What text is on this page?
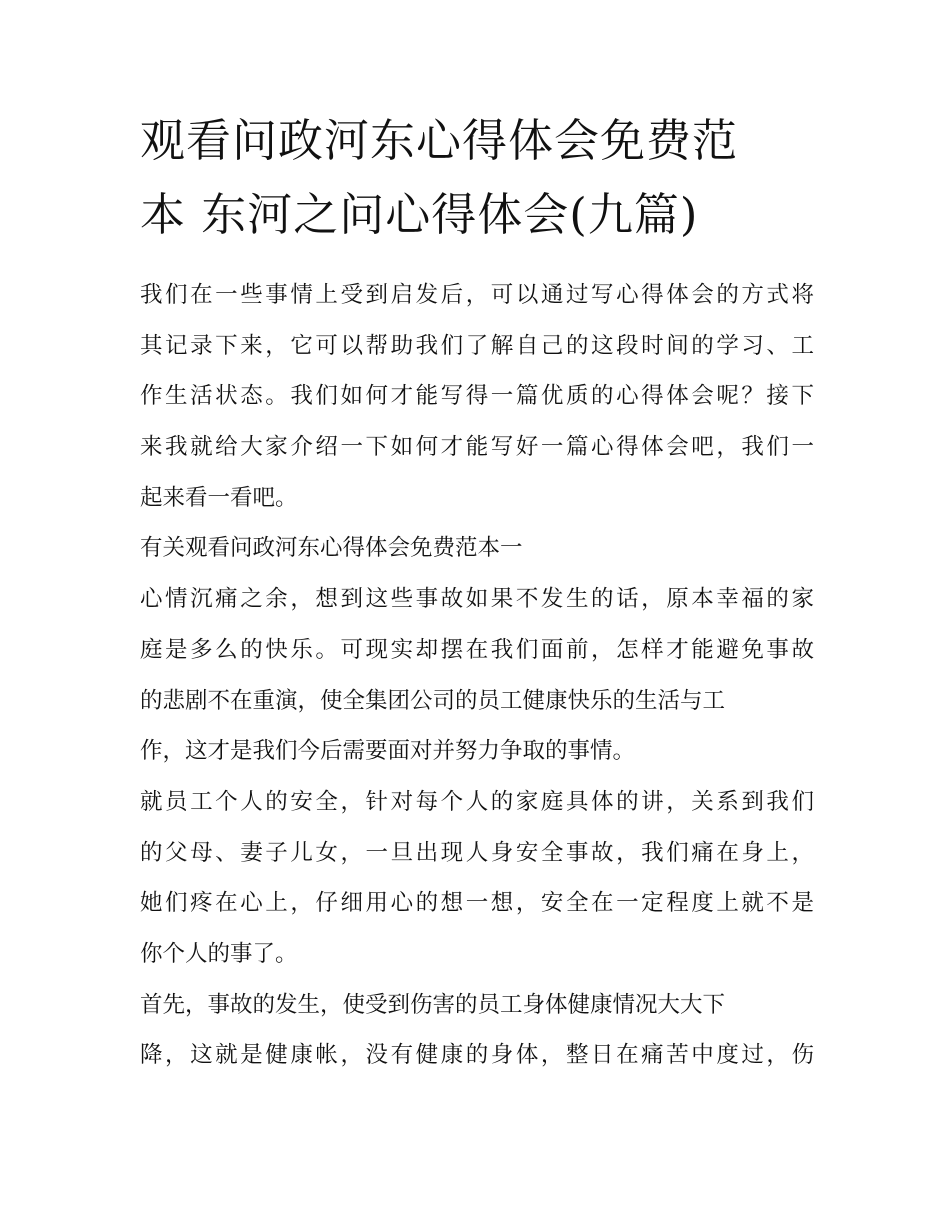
观看问政河东心得体会免费范
本 东河之问心得体会(九篇)
我们在一些事情上受到启发后，可以通过写心得体会的方式将
其记录下来，它可以帮助我们了解自己的这段时间的学习、工
作生活状态。我们如何才能写得一篇优质的心得体会呢？接下
来我就给大家介绍一下如何才能写好一篇心得体会吧，我们一
起来看一看吧。
有关观看问政河东心得体会免费范本一
心情沉痛之余，想到这些事故如果不发生的话，原本幸福的家
庭是多么的快乐。可现实却摆在我们面前，怎样才能避免事故
的悲剧不在重演，使全集团公司的员工健康快乐的生活与工
作，这才是我们今后需要面对并努力争取的事情。
就员工个人的安全，针对每个人的家庭具体的讲，关系到我们
的父母、妻子儿女，一旦出现人身安全事故，我们痛在身上，
她们疼在心上，仔细用心的想一想，安全在一定程度上就不是
你个人的事了。
首先，事故的发生，使受到伤害的员工身体健康情况大大下
降，这就是健康帐，没有健康的身体，整日在痛苦中度过，伤
